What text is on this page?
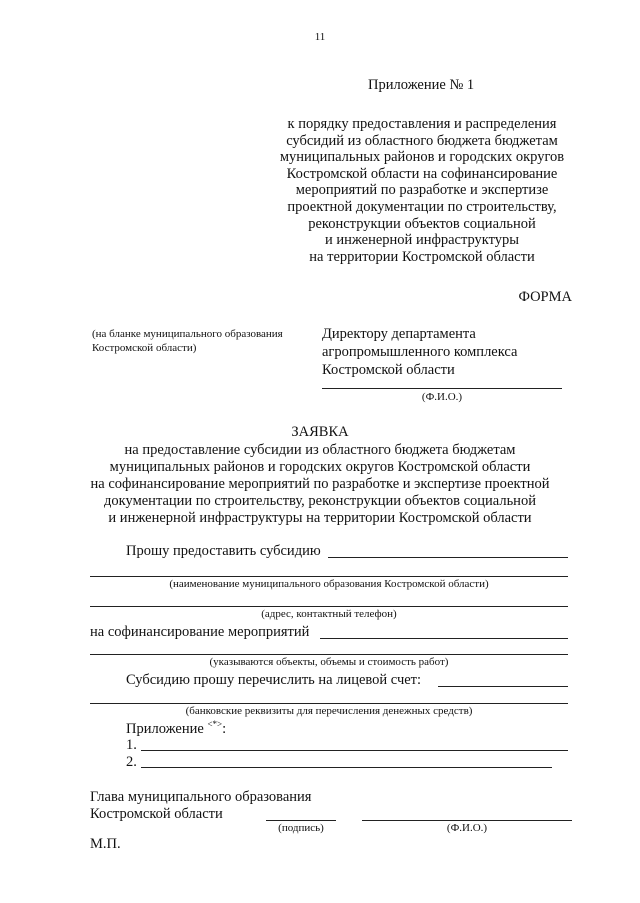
11
Приложение № 1
к порядку предоставления и распределения
субсидий из областного бюджета бюджетам
муниципальных районов и городских округов
Костромской области на софинансирование
мероприятий по разработке и экспертизе
проектной документации по строительству,
реконструкции объектов социальной
и инженерной инфраструктуры
на территории Костромской области
ФОРМА
(на бланке муниципального образования
Костромской области)
Директору департамента
агропромышленного комплекса
Костромской области
(Ф.И.О.)
ЗАЯВКА
на предоставление субсидии из областного бюджета бюджетам
муниципальных районов и городских округов Костромской области
на софинансирование мероприятий по разработке и экспертизе проектной
документации по строительству, реконструкции объектов социальной
и инженерной инфраструктуры на территории Костромской области
Прошу предоставить субсидию
(наименование муниципального образования Костромской области)
(адрес, контактный телефон)
на софинансирование мероприятий
(указываются объекты, объемы и стоимость работ)
Субсидию прошу перечислить на лицевой счет:
(банковские реквизиты для перечисления денежных средств)
Приложение <*>:
1.
2.
Главa муниципального образования
Костромской области
(подпись)	(Ф.И.О.)
М.П.
